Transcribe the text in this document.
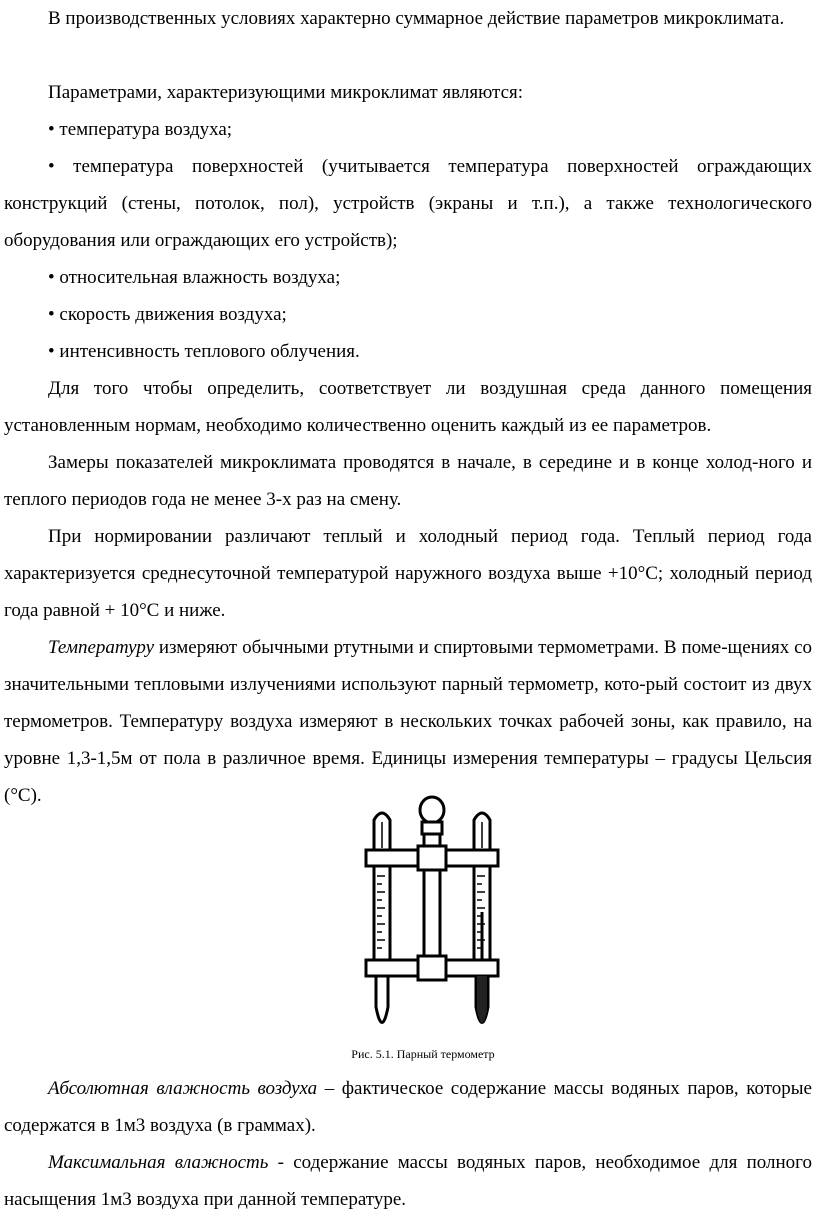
В производственных условиях характерно суммарное действие параметров микроклимата.

Параметрами, характеризующими микроклимат являются:

• температура воздуха;

• температура поверхностей (учитывается температура поверхностей ограждающих конструкций (стены, потолок, пол), устройств (экраны и т.п.), а также технологического оборудования или ограждающих его устройств);

• относительная влажность воздуха;

• скорость движения воздуха;

• интенсивность теплового облучения.

Для того чтобы определить, соответствует ли воздушная среда данного помещения установленным нормам, необходимо количественно оценить каждый из ее параметров.

Замеры показателей микроклимата проводятся в начале, в середине и в конце холод-ного и теплого периодов года не менее 3-х раз на смену.

При нормировании различают теплый и холодный период года. Теплый период года характеризуется среднесуточной температурой наружного воздуха выше +10°С; холодный период года равной + 10°С и ниже.

Температуру измеряют обычными ртутными и спиртовыми термометрами. В поме-щениях со значительными тепловыми излучениями используют парный термометр, кото-рый состоит из двух термометров. Температуру воздуха измеряют в нескольких точках рабочей зоны, как правило, на уровне 1,3-1,5м от пола в различное время. Единицы измерения температуры – градусы Цельсия (°С).

Рис. 5.1. Парный термометр

Абсолютная влажность воздуха – фактическое содержание массы водяных паров, которые содержатся в 1м3 воздуха (в граммах).

Максимальная влажность - содержание массы водяных паров, необходимое для полного насыщения 1м3 воздуха при данной температуре.
